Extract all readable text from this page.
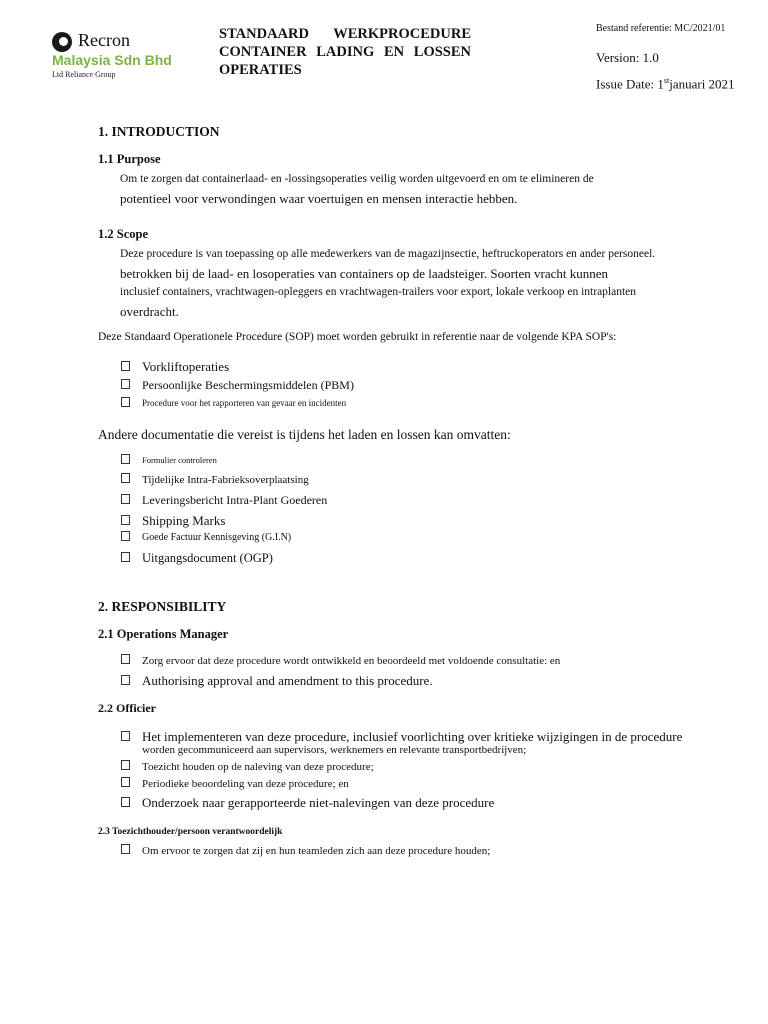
Recron
Malaysia Sdn Bhd
Ltd Reliance Group
STANDAARD WERKPROCEDURE CONTAINER LADING EN LOSSEN OPERATIES
Bestand referentie: MC/2021/01
Version: 1.0
Issue Date: 1stjanuari 2021
1. INTRODUCTION
1.1 Purpose
Om te zorgen dat containerlaad- en -lossingsoperaties veilig worden uitgevoerd en om te elimineren de
potentieel voor verwondingen waar voertuigen en mensen interactie hebben.
1.2 Scope
Deze procedure is van toepassing op alle medewerkers van de magazijnsectie, heftruckoperators en ander personeel.
betrokken bij de laad- en losoperaties van containers op de laadsteiger. Soorten vracht kunnen
inclusief containers, vrachtwagen-opleggers en vrachtwagen-trailers voor export, lokale verkoop en intraplanten
overdracht.
Deze Standaard Operationele Procedure (SOP) moet worden gebruikt in referentie naar de volgende KPA SOP's:
Vorkliftoperaties
Persoonlijke Beschermingsmiddelen (PBM)
Procedure voor het rapporteren van gevaar en incidenten
Andere documentatie die vereist is tijdens het laden en lossen kan omvatten:
Formulier controleren
Tijdelijke Intra-Fabrieksoverplaatsing
Leveringsbericht Intra-Plant Goederen
Shipping Marks
Goede Factuur Kennisgeving (G.I.N)
Uitgangsdocument (OGP)
2. RESPONSIBILITY
2.1 Operations Manager
Zorg ervoor dat deze procedure wordt ontwikkeld en beoordeeld met voldoende consultatie: en
Authorising approval and amendment to this procedure.
2.2 Officier
Het implementeren van deze procedure, inclusief voorlichting over kritieke wijzigingen in de procedure
worden gecommuniceerd aan supervisors, werknemers en relevante transportbedrijven;
Toezicht houden op de naleving van deze procedure;
Periodieke beoordeling van deze procedure; en
Onderzoek naar gerapporteerde niet-nalevingen van deze procedure
2.3 Toezichthouder/persoon verantwoordelijk
Om ervoor te zorgen dat zij en hun teamleden zich aan deze procedure houden;
